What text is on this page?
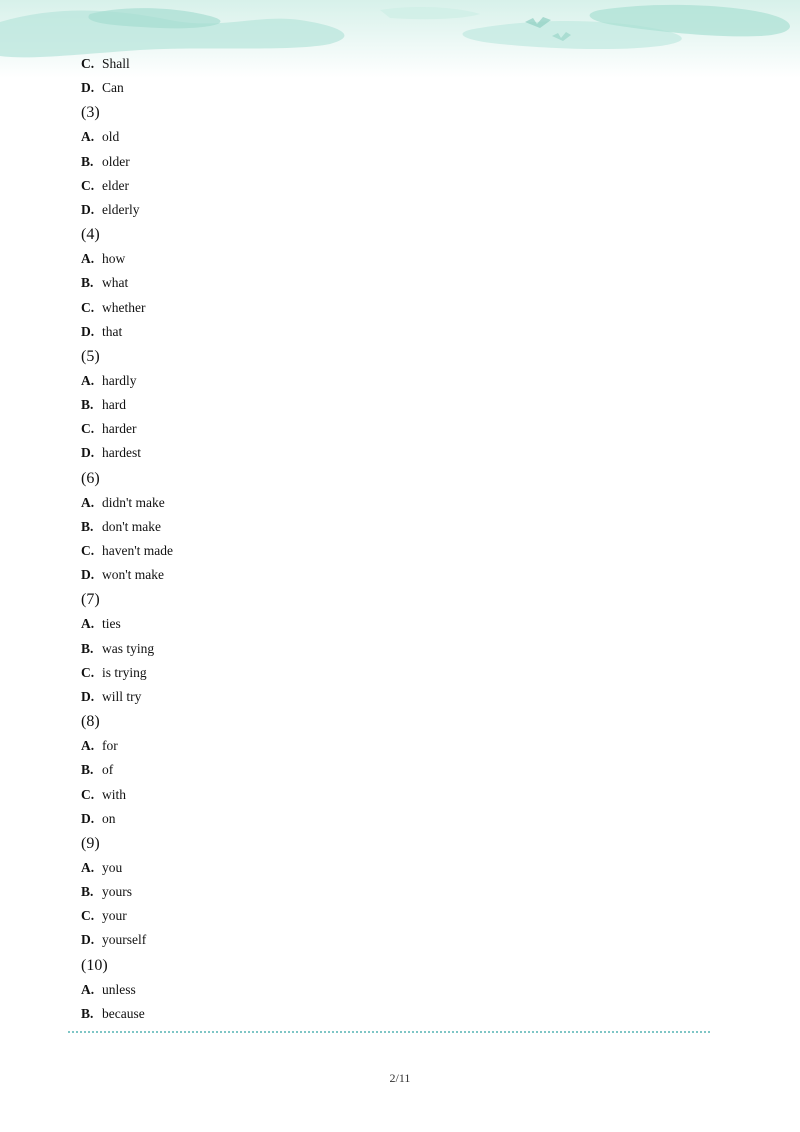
C. Shall
D. Can
(3)
A. old
B. older
C. elder
D. elderly
(4)
A. how
B. what
C. whether
D. that
(5)
A. hardly
B. hard
C. harder
D. hardest
(6)
A. didn't make
B. don't make
C. haven't made
D. won't make
(7)
A. ties
B. was tying
C. is trying
D. will try
(8)
A. for
B. of
C. with
D. on
(9)
A. you
B. yours
C. your
D. yourself
(10)
A. unless
B. because
2/11
